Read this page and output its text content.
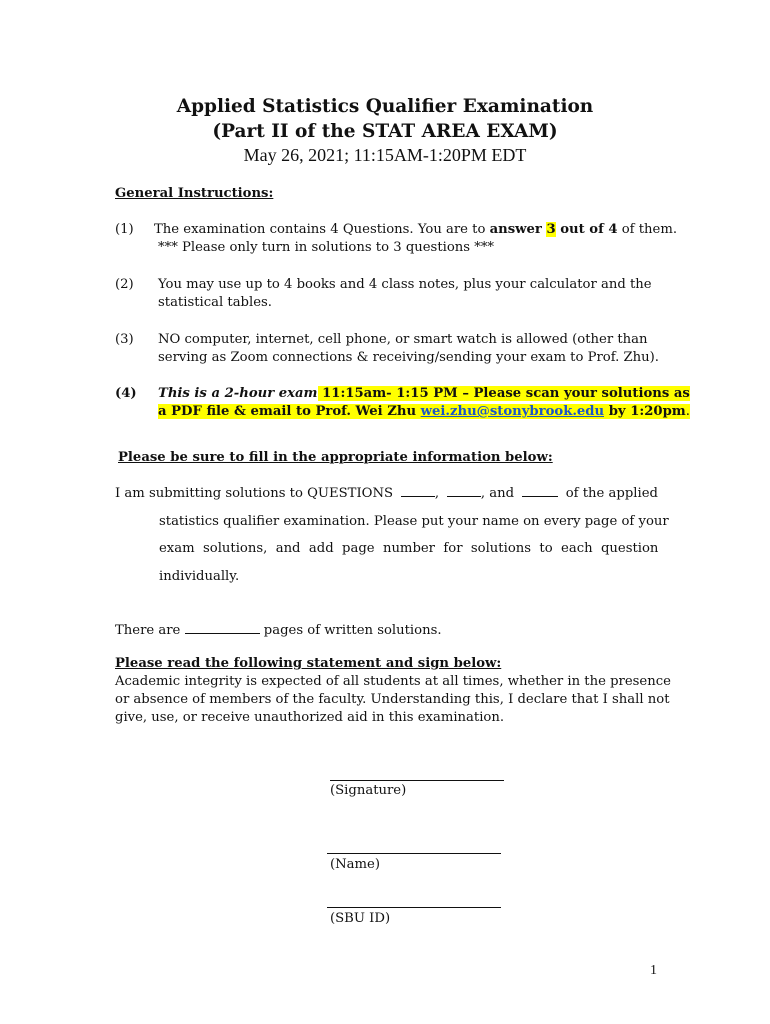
Applied Statistics Qualifier Examination
(Part II of the STAT AREA EXAM)
May 26, 2021; 11:15AM-1:20PM EDT
General Instructions:
(1) The examination contains 4 Questions. You are to answer 3 out of 4 of them.
*** Please only turn in solutions to 3 questions ***
(2) You may use up to 4 books and 4 class notes, plus your calculator and the
statistical tables.
(3) NO computer, internet, cell phone, or smart watch is allowed (other than
serving as Zoom connections & receiving/sending your exam to Prof. Zhu).
(4) This is a 2-hour exam 11:15am- 1:15 PM – Please scan your solutions as
a PDF file & email to Prof. Wei Zhu wei.zhu@stonybrook.edu by 1:20pm.
Please be sure to fill in the appropriate information below:
I am submitting solutions to QUESTIONS	,	, and	of the applied
statistics qualifier examination. Please put your name on every page of your
exam  solutions,  and  add  page  number  for  solutions  to  each  question
individually.
There are	pages of written solutions.
Please read the following statement and sign below:
Academic integrity is expected of all students at all times, whether in the presence
or absence of members of the faculty. Understanding this, I declare that I shall not
give, use, or receive unauthorized aid in this examination.
(Signature)
(Name)
(SBU ID)
1
